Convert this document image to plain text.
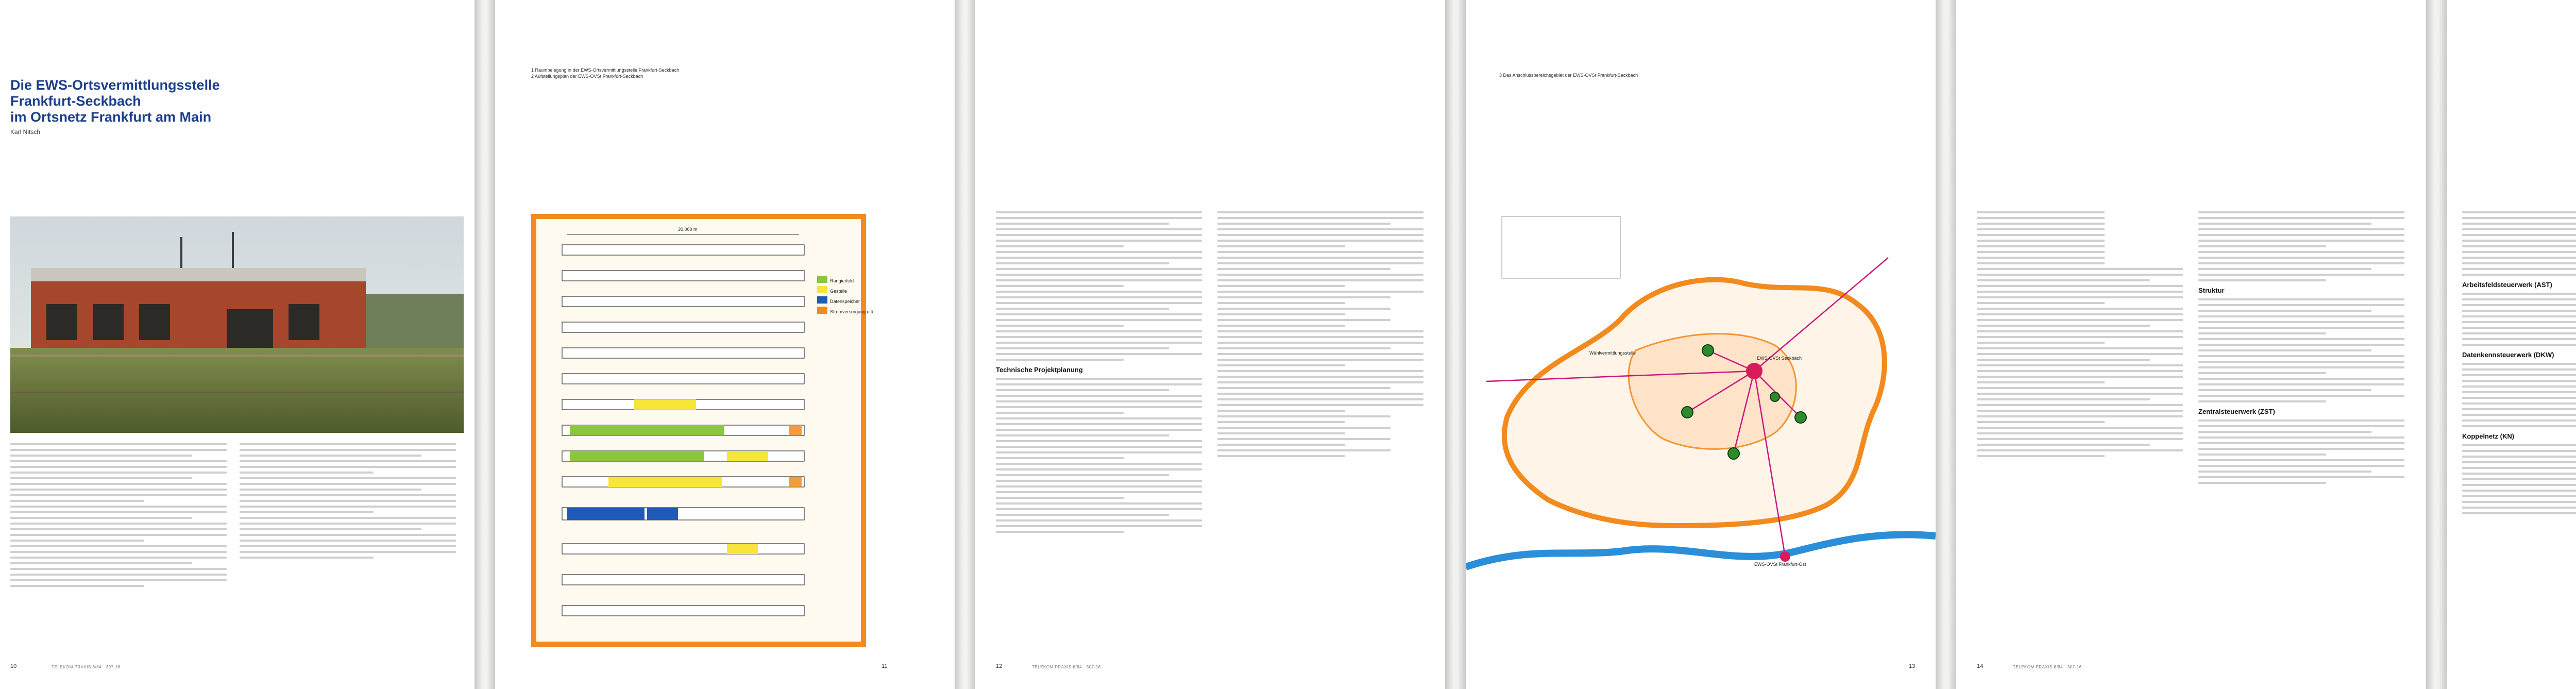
Die EWS-Ortsvermittlungsstelle
Frankfurt-Seckbach
im Ortsnetz Frankfurt am Main
Karl Nitsch
10	TELEKOM PRAXIS 6/84 · 307-16
1 Raumbelegung in der EWS-Ortsvermittlungsstelle Frankfurt-Seckbach
2 Aufstellungsplan der EWS-OVSt Frankfurt-Seckbach
30,000 m
Rangierfeld
Gestelle
Datenspeicher
Stromversorgung u.ä.
11
Technische Projektplanung
12	TELEKOM PRAXIS 6/84 · 307-16
3 Das Anschlussbereichsgebiet der EWS-OVSt Frankfurt-Seckbach
EWS-OVSt Seckbach
Wählvermittlungsstelle
EWS-OVSt Frankfurt-Ost
13
Struktur
Zentralsteuerwerk (ZST)
14	TELEKOM PRAXIS 6/84 · 307-16
Arbeitsfeldsteuerwerk (AST)
Datenkennsteuerwerk (DKW)
Koppelnetz (KN)
